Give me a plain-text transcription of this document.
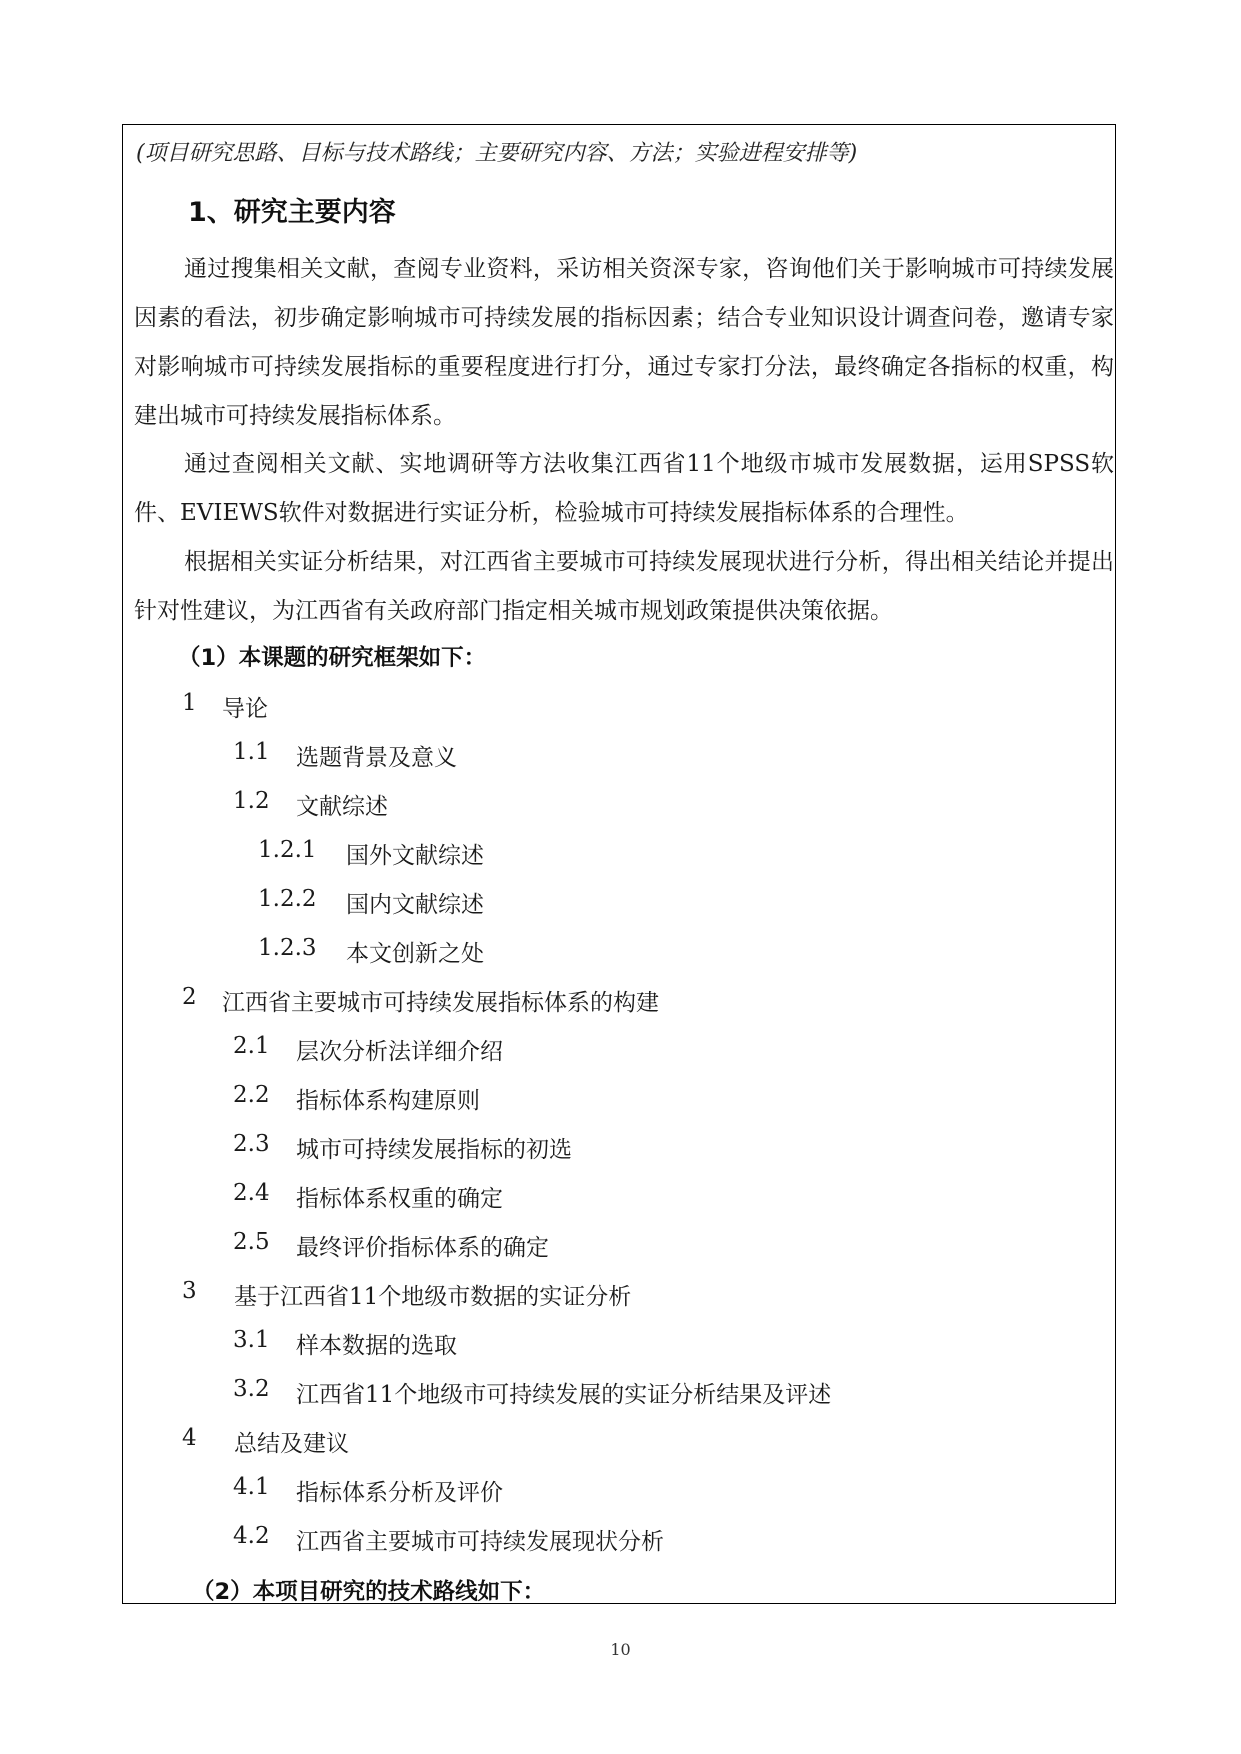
(项目研究思路、目标与技术路线；主要研究内容、方法；实验进程安排等)
1、研究主要内容

通过搜集相关文献，查阅专业资料，采访相关资深专家，咨询他们关于影响城市可持续发展因素的看法，初步确定影响城市可持续发展的指标因素；结合专业知识设计调查问卷，邀请专家对影响城市可持续发展指标的重要程度进行打分，通过专家打分法，最终确定各指标的权重，构建出城市可持续发展指标体系。

通过查阅相关文献、实地调研等方法收集江西省11个地级市城市发展数据，运用SPSS软件、EVIEWS软件对数据进行实证分析，检验城市可持续发展指标体系的合理性。

根据相关实证分析结果，对江西省主要城市可持续发展现状进行分析，得出相关结论并提出针对性建议，为江西省有关政府部门指定相关城市规划政策提供决策依据。

（1）本课题的研究框架如下：
1	导论
1.1	选题背景及意义
1.2	文献综述
1.2.1	国外文献综述
1.2.2	国内文献综述
1.2.3	本文创新之处
2	江西省主要城市可持续发展指标体系的构建
2.1	层次分析法详细介绍
2.2	指标体系构建原则
2.3	城市可持续发展指标的初选
2.4	指标体系权重的确定
2.5	最终评价指标体系的确定
3	基于江西省11个地级市数据的实证分析
3.1	样本数据的选取
3.2	江西省11个地级市可持续发展的实证分析结果及评述
4	总结及建议
4.1	指标体系分析及评价
4.2	江西省主要城市可持续发展现状分析
（2）本项目研究的技术路线如下：
10
